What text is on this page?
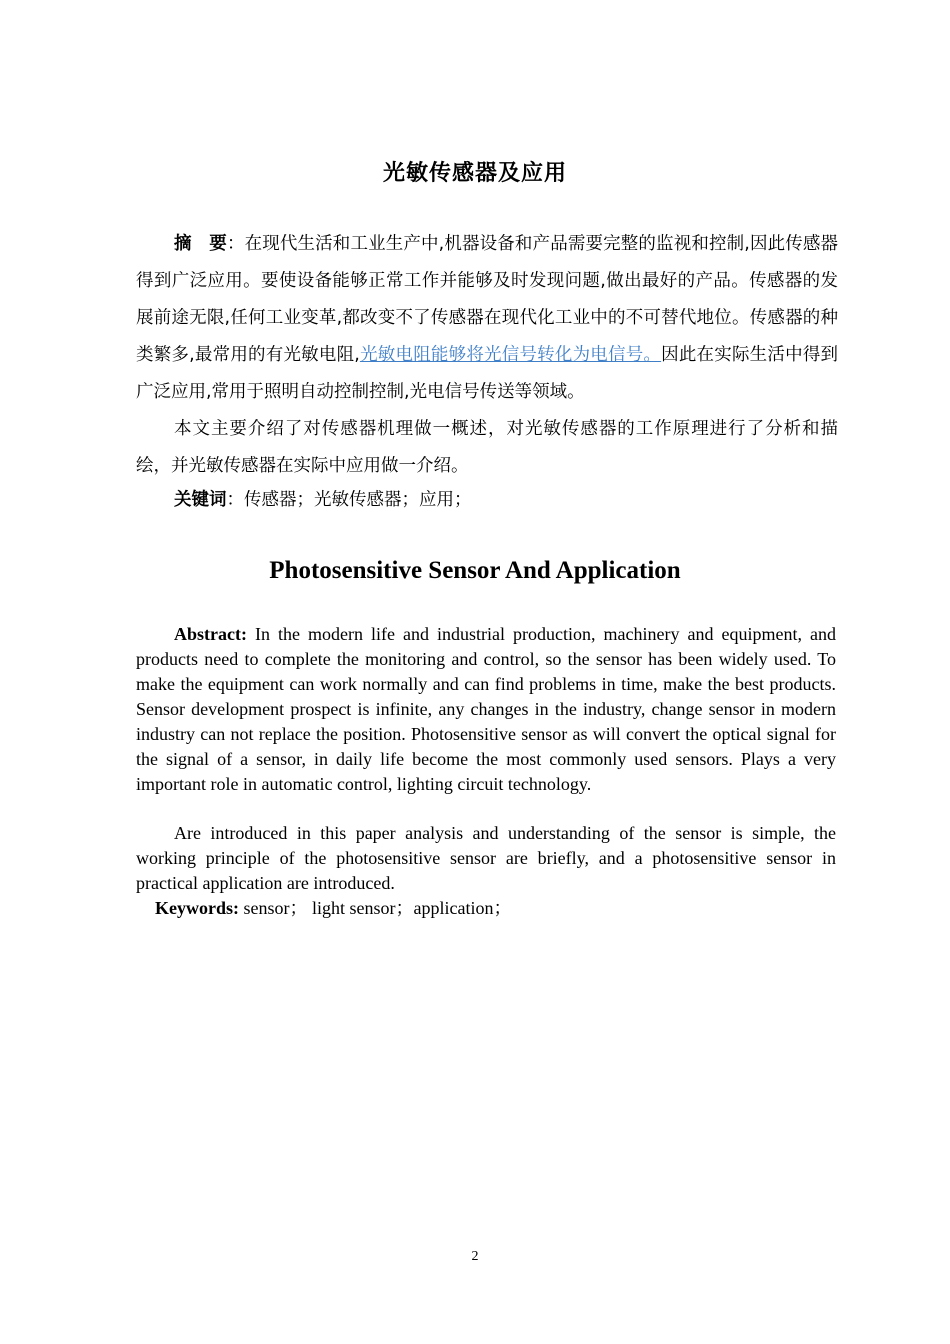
光敏传感器及应用
摘　要：在现代生活和工业生产中,机器设备和产品需要完整的监视和控制,因此传感器得到广泛应用。要使设备能够正常工作并能够及时发现问题,做出最好的产品。传感器的发展前途无限,任何工业变革,都改变不了传感器在现代化工业中的不可替代地位。传感器的种类繁多,最常用的有光敏电阻,光敏电阻能够将光信号转化为电信号。因此在实际生活中得到广泛应用,常用于照明自动控制控制,光电信号传送等领域。
本文主要介绍了对传感器机理做一概述，对光敏传感器的工作原理进行了分析和描绘，并光敏传感器在实际中应用做一介绍。
关键词：传感器；光敏传感器；应用；
Photosensitive Sensor And Application
Abstract: In the modern life and industrial production, machinery and equipment, and products need to complete the monitoring and control, so the sensor has been widely used. To make the equipment can work normally and can find problems in time, make the best products. Sensor development prospect is infinite, any changes in the industry, change sensor in modern industry can not replace the position. Photosensitive sensor as will convert the optical signal for the signal of a sensor, in daily life become the most commonly used sensors. Plays a very important role in automatic control, lighting circuit technology.
Are introduced in this paper analysis and understanding of the sensor is simple, the working principle of the photosensitive sensor are briefly, and a photosensitive sensor in practical application are introduced.
Keywords: sensor； light sensor；application；
2
